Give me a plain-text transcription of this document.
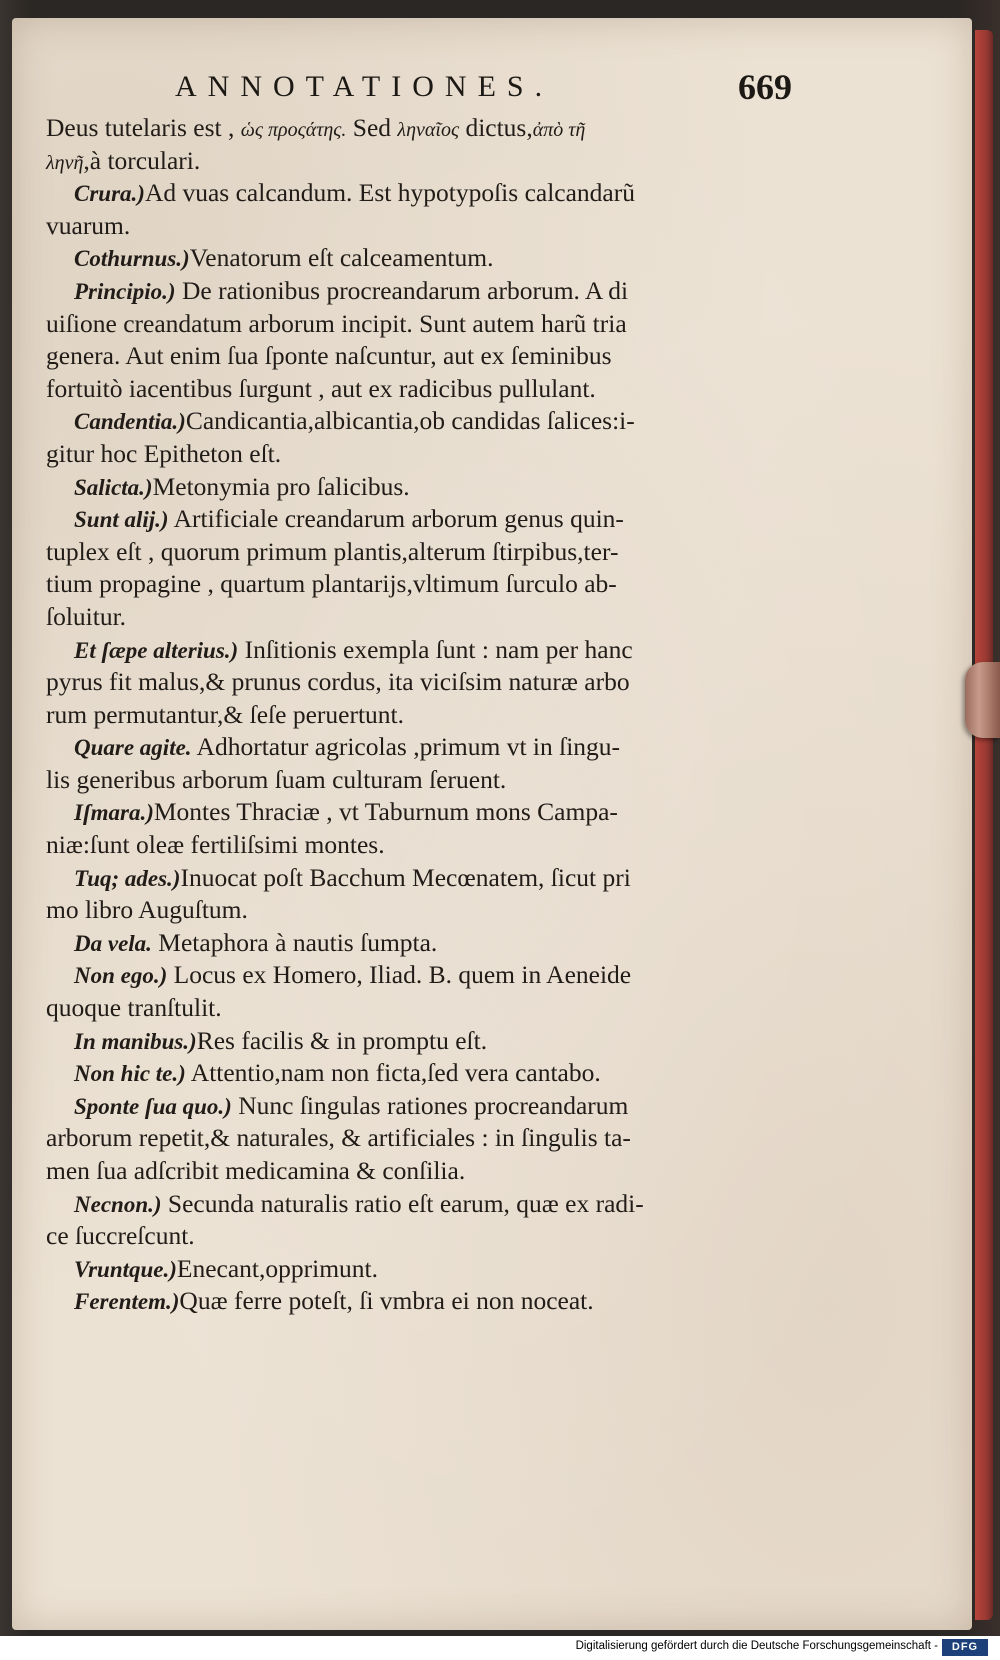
ANNOTATIONES.	669
Deus tutelaris est , ὡς προςάτης. Sed ληναῖος dictus,ἀπὸ τῆ
ληνῆ,à torculari.
Crura.)Ad vuas calcandum. Est hypotypoſis calcandarũ
vuarum.
Cothurnus.)Venatorum eſt calceamentum.
Principio.) De rationibus procreandarum arborum. A di
uiſione creandatum arborum incipit. Sunt autem harũ tria
genera. Aut enim ſua ſponte naſcuntur, aut ex ſeminibus
fortuitò iacentibus ſurgunt , aut ex radicibus pullulant.
Candentia.)Candicantia,albicantia,ob candidas ſalices:i-
gitur hoc Epitheton eſt.
Salicta.)Metonymia pro ſalicibus.
Sunt alij.) Artificiale creandarum arborum genus quin-
tuplex eſt , quorum primum plantis,alterum ſtirpibus,ter-
tium propagine , quartum plantarijs,vltimum ſurculo ab-
ſoluitur.
Et ſæpe alterius.) Inſitionis exempla ſunt : nam per hanc
pyrus fit malus,& prunus cordus, ita viciſsim naturæ arbo
rum permutantur,& ſeſe peruertunt.
Quare agite. Adhortatur agricolas ,primum vt in ſingu-
lis generibus arborum ſuam culturam ſeruent.
Iſmara.)Montes Thraciæ , vt Taburnum mons Campa-
niæ:ſunt oleæ fertiliſsimi montes.
Tuq; ades.)Inuocat poſt Bacchum Mecœnatem, ſicut pri
mo libro Auguſtum.
Da vela. Metaphora à nautis ſumpta.
Non ego.) Locus ex Homero, Iliad. B. quem in Aeneide
quoque tranſtulit.
In manibus.)Res facilis & in promptu eſt.
Non hic te.) Attentio,nam non ficta,ſed vera cantabo.
Sponte ſua quo.) Nunc ſingulas rationes procreandarum
arborum repetit,& naturales, & artificiales : in ſingulis ta-
men ſua adſcribit medicamina & conſilia.
Necnon.) Secunda naturalis ratio eſt earum, quæ ex radi-
ce ſuccreſcunt.
Vruntque.)Enecant,opprimunt.
Ferentem.)Quæ ferre poteſt, ſi vmbra ei non noceat.
Digitalisierung gefördert durch die Deutsche Forschungsgemeinschaft -	DFG
